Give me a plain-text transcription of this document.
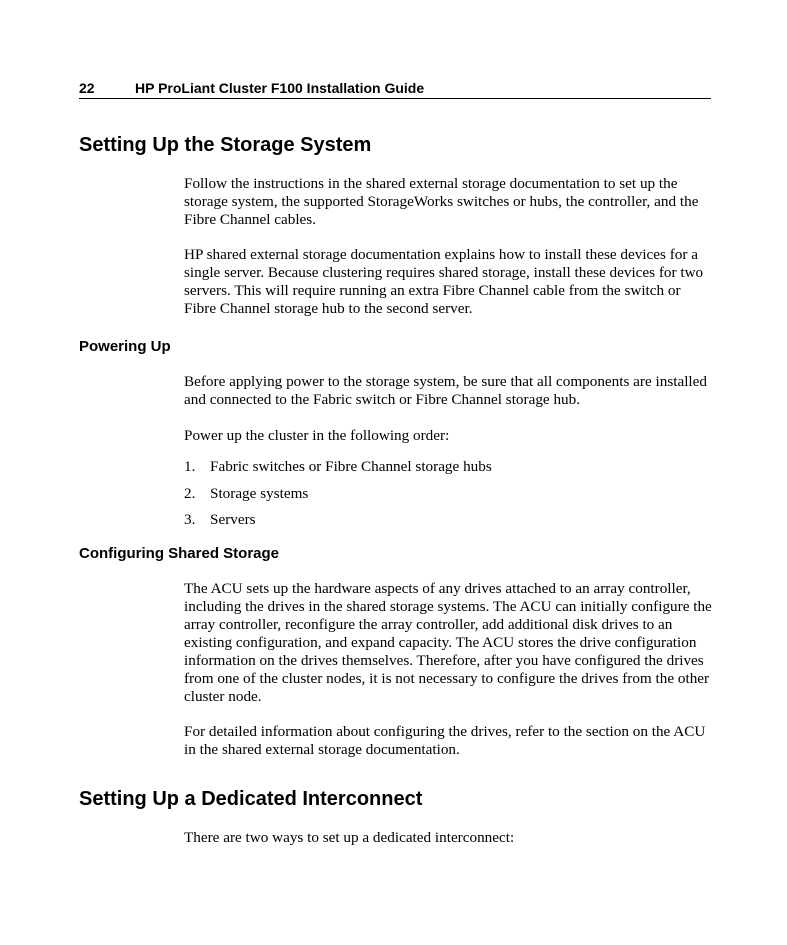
22	HP ProLiant Cluster F100 Installation Guide
Setting Up the Storage System

Follow the instructions in the shared external storage documentation to set up the storage system, the supported StorageWorks switches or hubs, the controller, and the Fibre Channel cables.

HP shared external storage documentation explains how to install these devices for a single server. Because clustering requires shared storage, install these devices for two servers. This will require running an extra Fibre Channel cable from the switch or Fibre Channel storage hub to the second server.

Powering Up

Before applying power to the storage system, be sure that all components are installed and connected to the Fabric switch or Fibre Channel storage hub.

Power up the cluster in the following order:

1. Fabric switches or Fibre Channel storage hubs
2. Storage systems
3. Servers
Configuring Shared Storage

The ACU sets up the hardware aspects of any drives attached to an array controller, including the drives in the shared storage systems. The ACU can initially configure the array controller, reconfigure the array controller, add additional disk drives to an existing configuration, and expand capacity. The ACU stores the drive configuration information on the drives themselves. Therefore, after you have configured the drives from one of the cluster nodes, it is not necessary to configure the drives from the other cluster node.

For detailed information about configuring the drives, refer to the section on the ACU in the shared external storage documentation.

Setting Up a Dedicated Interconnect

There are two ways to set up a dedicated interconnect:
